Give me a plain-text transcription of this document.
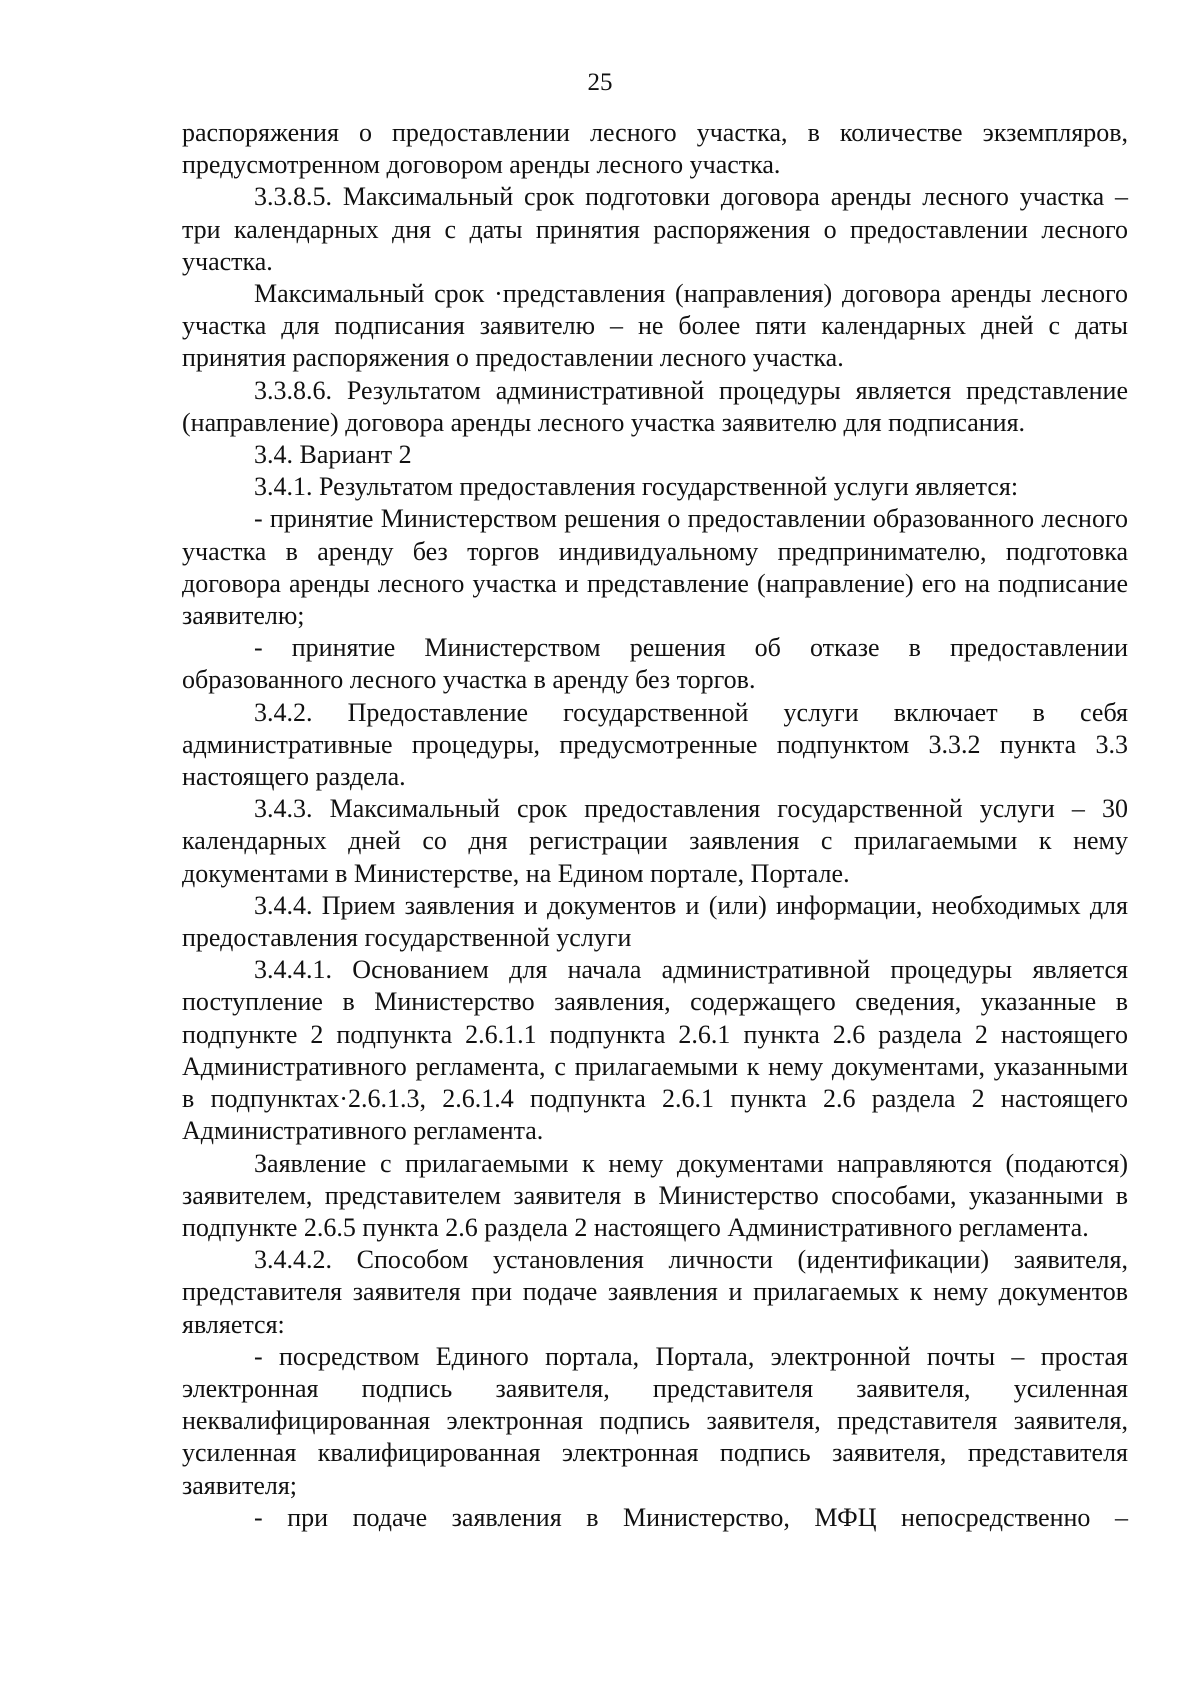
25

распоряжения о предоставлении лесного участка, в количестве экземпляров, предусмотренном договором аренды лесного участка.

3.3.8.5. Максимальный срок подготовки договора аренды лесного участка – три календарных дня с даты принятия распоряжения о предоставлении лесного участка.

Максимальный срок ·представления (направления) договора аренды лесного участка для подписания заявителю – не более пяти календарных дней с даты принятия распоряжения о предоставлении лесного участка.

3.3.8.6. Результатом административной процедуры является представление (направление) договора аренды лесного участка заявителю для подписания.

3.4. Вариант 2

3.4.1. Результатом предоставления государственной услуги является:

- принятие Министерством решения о предоставлении образованного лесного участка в аренду без торгов индивидуальному предпринимателю, подготовка договора аренды лесного участка и представление (направление) его на подписание заявителю;

- принятие Министерством решения об отказе в предоставлении образованного лесного участка в аренду без торгов.

3.4.2. Предоставление государственной услуги включает в себя административные процедуры, предусмотренные подпунктом 3.3.2 пункта 3.3 настоящего раздела.

3.4.3. Максимальный срок предоставления государственной услуги – 30 календарных дней со дня регистрации заявления с прилагаемыми к нему документами в Министерстве, на Едином портале, Портале.

3.4.4. Прием заявления и документов и (или) информации, необходимых для предоставления государственной услуги

3.4.4.1. Основанием для начала административной процедуры является поступление в Министерство заявления, содержащего сведения, указанные в подпункте 2 подпункта 2.6.1.1 подпункта 2.6.1 пункта 2.6 раздела 2 настоящего Административного регламента, с прилагаемыми к нему документами, указанными в подпунктах·2.6.1.3, 2.6.1.4 подпункта 2.6.1 пункта 2.6 раздела 2 настоящего Административного регламента.

Заявление с прилагаемыми к нему документами направляются (подаются) заявителем, представителем заявителя в Министерство способами, указанными в подпункте 2.6.5 пункта 2.6 раздела 2 настоящего Административного регламента.

3.4.4.2. Способом установления личности (идентификации) заявителя, представителя заявителя при подаче заявления и прилагаемых к нему документов является:

- посредством Единого портала, Портала, электронной почты – простая электронная подпись заявителя, представителя заявителя, усиленная неквалифицированная электронная подпись заявителя, представителя заявителя, усиленная квалифицированная электронная подпись заявителя, представителя заявителя;

- при подаче заявления в Министерство, МФЦ непосредственно –
